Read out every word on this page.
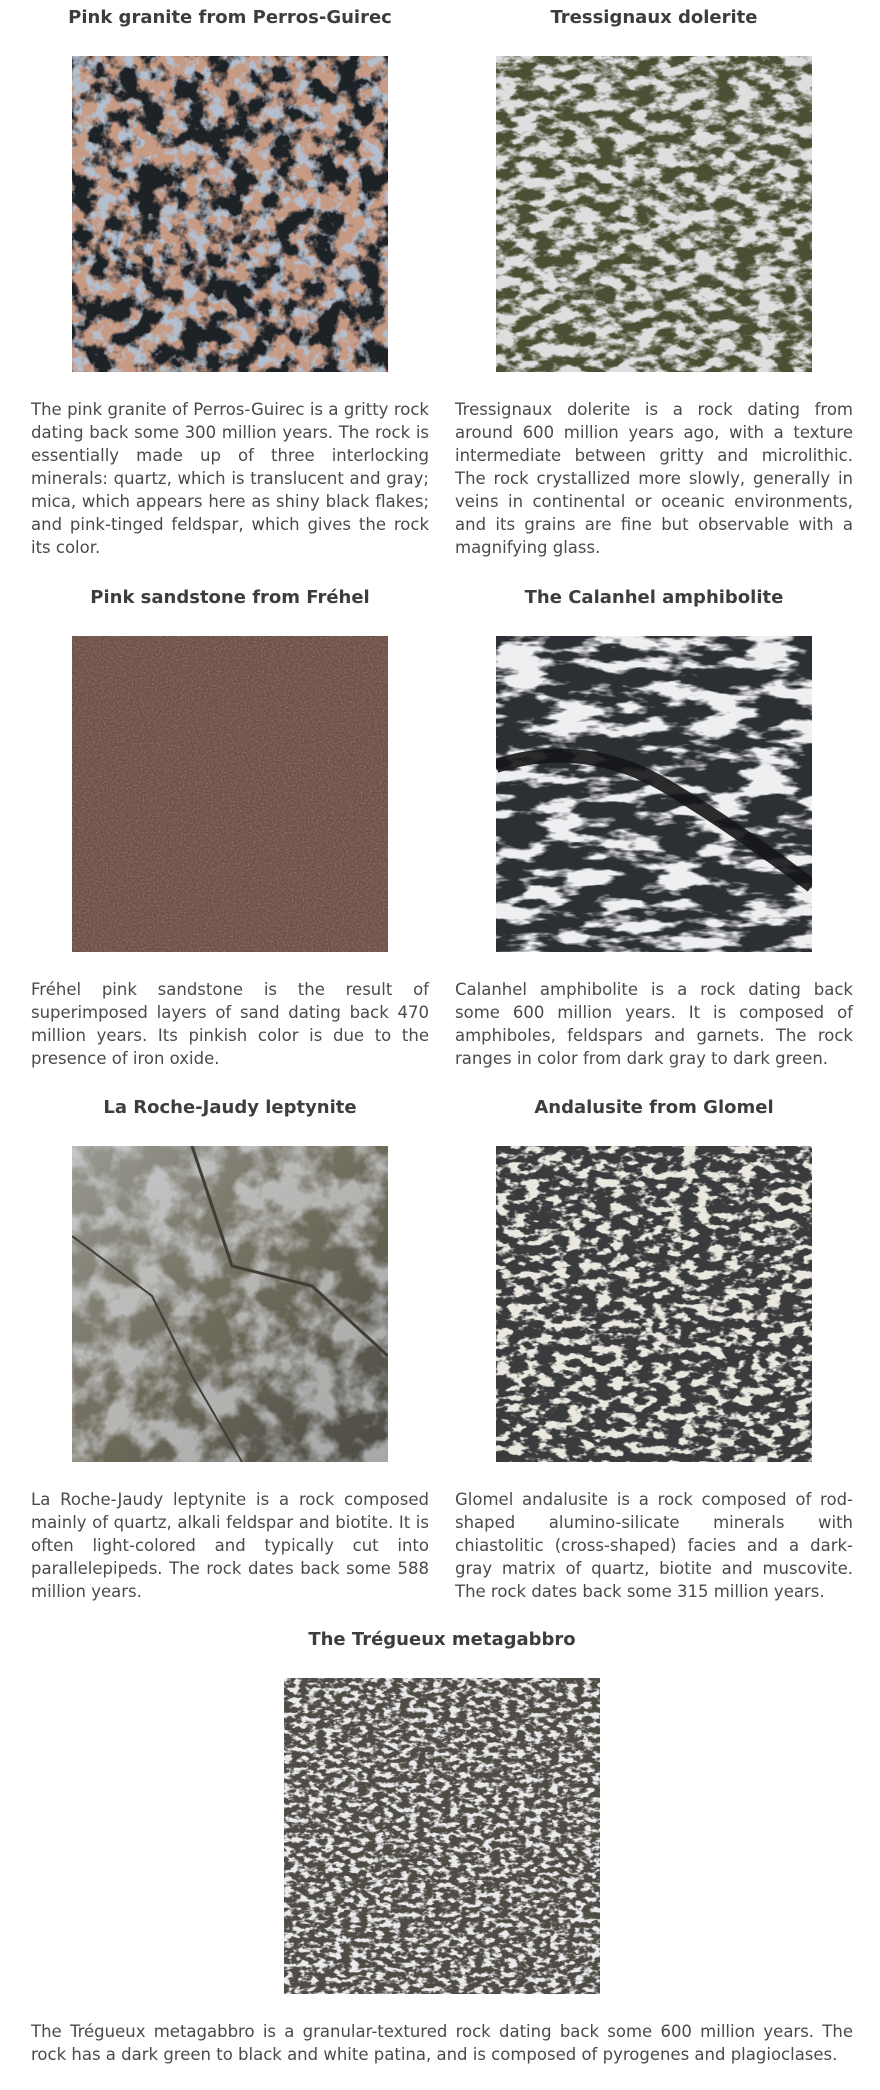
Pink granite from Perros-Guirec

The pink granite of Perros-Guirec is a gritty rock dating back some 300 million years. The rock is essentially made up of three interlocking minerals: quartz, which is translucent and gray; mica, which appears here as shiny black flakes; and pink-tinged feldspar, which gives the rock its color.

Tressignaux dolerite

Tressignaux dolerite is a rock dating from around 600 million years ago, with a texture intermediate between gritty and microlithic. The rock crystallized more slowly, generally in veins in continental or oceanic environments, and its grains are fine but observable with a magnifying glass.

Pink sandstone from Fréhel

Fréhel pink sandstone is the result of superimposed layers of sand dating back 470 million years. Its pinkish color is due to the presence of iron oxide.

The Calanhel amphibolite

Calanhel amphibolite is a rock dating back some 600 million years. It is composed of amphiboles, feldspars and garnets. The rock ranges in color from dark gray to dark green.

La Roche-Jaudy leptynite

La Roche-Jaudy leptynite is a rock composed mainly of quartz, alkali feldspar and biotite. It is often light-colored and typically cut into parallelepipeds. The rock dates back some 588 million years.

Andalusite from Glomel

Glomel andalusite is a rock composed of rod-shaped alumino-silicate minerals with chiastolitic (cross-shaped) facies and a dark-gray matrix of quartz, biotite and muscovite. The rock dates back some 315 million years.

The Trégueux metagabbro

The Trégueux metagabbro is a granular-textured rock dating back some 600 million years. The rock has a dark green to black and white patina, and is composed of pyrogenes and plagioclases.
